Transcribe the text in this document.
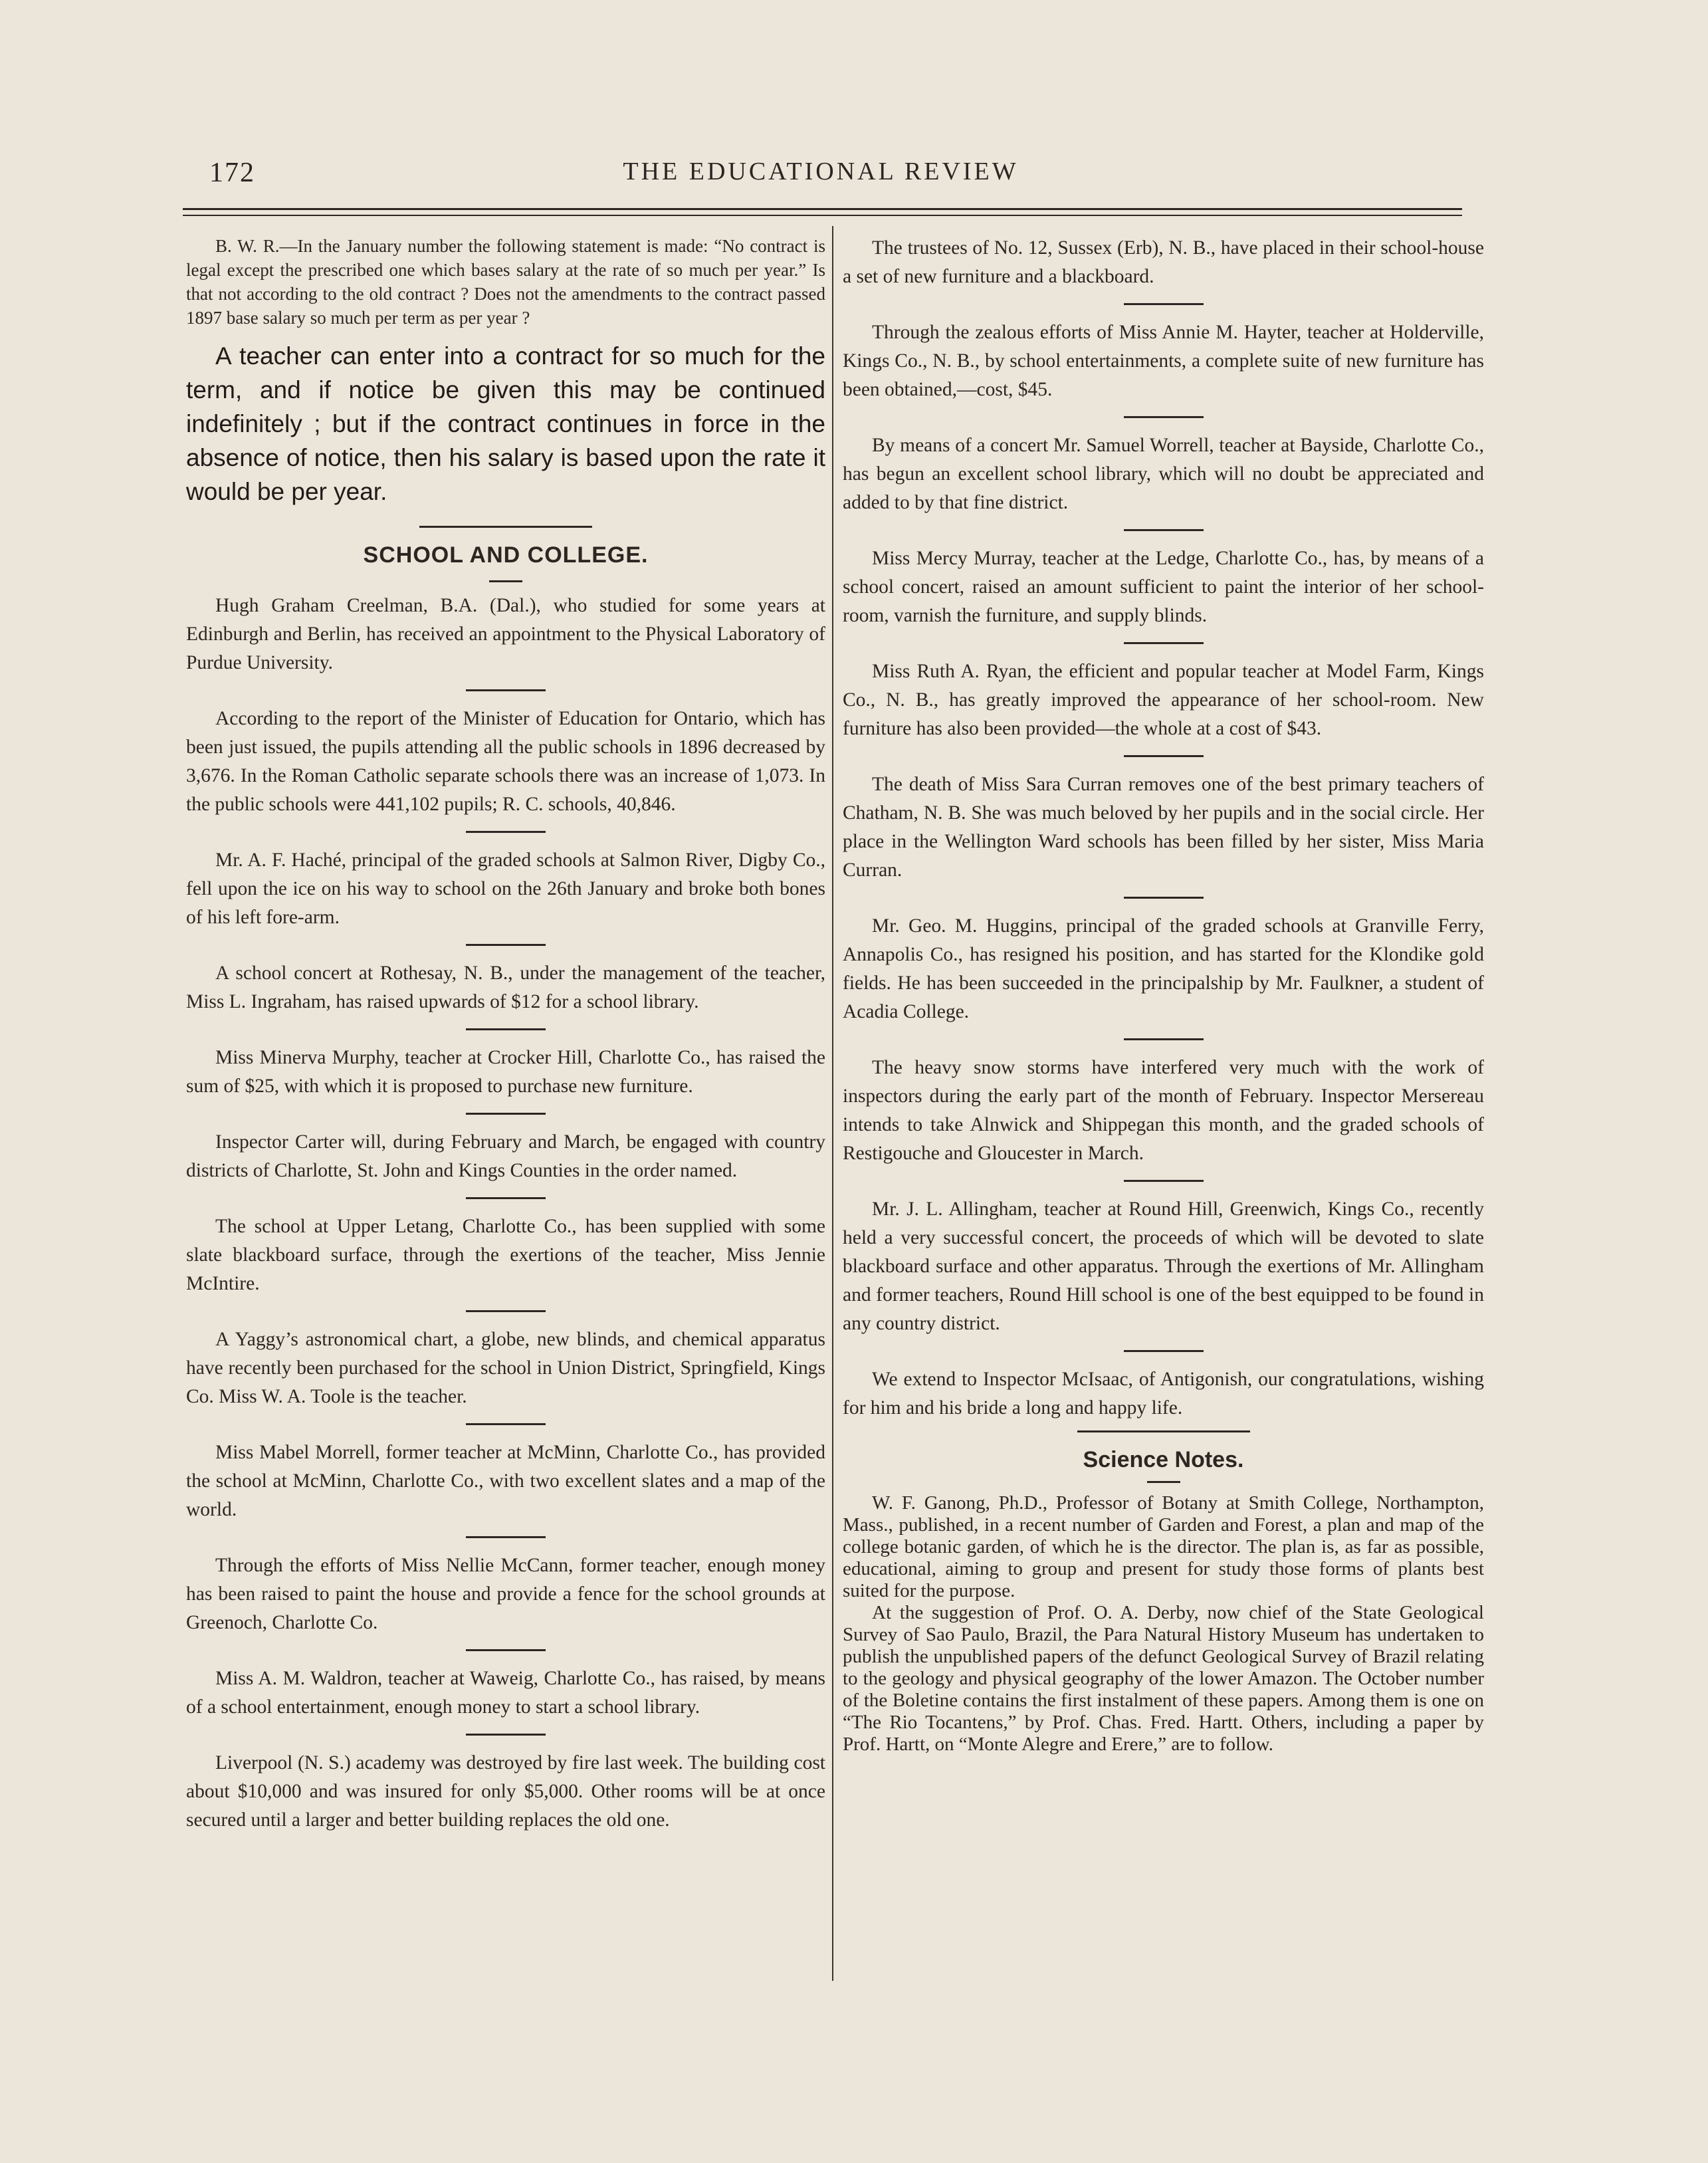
172	THE EDUCATIONAL REVIEW

B. W. R.—In the January number the following statement is made: “No contract is legal except the prescribed one which bases salary at the rate of so much per year.” Is that not according to the old contract ? Does not the amendments to the contract passed 1897 base salary so much per term as per year ?

A teacher can enter into a contract for so much for the term, and if notice be given this may be continued indefinitely ; but if the contract continues in force in the absence of notice, then his salary is based upon the rate it would be per year.

SCHOOL AND COLLEGE.

Hugh Graham Creelman, B.A. (Dal.), who studied for some years at Edinburgh and Berlin, has received an appointment to the Physical Laboratory of Purdue University.

According to the report of the Minister of Education for Ontario, which has been just issued, the pupils attending all the public schools in 1896 decreased by 3,676. In the Roman Catholic separate schools there was an increase of 1,073. In the public schools were 441,102 pupils; R. C. schools, 40,846.

Mr. A. F. Haché, principal of the graded schools at Salmon River, Digby Co., fell upon the ice on his way to school on the 26th January and broke both bones of his left fore-arm.

A school concert at Rothesay, N. B., under the management of the teacher, Miss L. Ingraham, has raised upwards of $12 for a school library.

Miss Minerva Murphy, teacher at Crocker Hill, Charlotte Co., has raised the sum of $25, with which it is proposed to purchase new furniture.

Inspector Carter will, during February and March, be engaged with country districts of Charlotte, St. John and Kings Counties in the order named.

The school at Upper Letang, Charlotte Co., has been supplied with some slate blackboard surface, through the exertions of the teacher, Miss Jennie McIntire.

A Yaggy’s astronomical chart, a globe, new blinds, and chemical apparatus have recently been purchased for the school in Union District, Springfield, Kings Co. Miss W. A. Toole is the teacher.

Miss Mabel Morrell, former teacher at McMinn, Charlotte Co., has provided the school at McMinn, Charlotte Co., with two excellent slates and a map of the world.

Through the efforts of Miss Nellie McCann, former teacher, enough money has been raised to paint the house and provide a fence for the school grounds at Greenoch, Charlotte Co.

Miss A. M. Waldron, teacher at Waweig, Charlotte Co., has raised, by means of a school entertainment, enough money to start a school library.

Liverpool (N. S.) academy was destroyed by fire last week. The building cost about $10,000 and was insured for only $5,000. Other rooms will be at once secured until a larger and better building replaces the old one.

The trustees of No. 12, Sussex (Erb), N. B., have placed in their school-house a set of new furniture and a blackboard.

Through the zealous efforts of Miss Annie M. Hayter, teacher at Holderville, Kings Co., N. B., by school entertainments, a complete suite of new furniture has been obtained,—cost, $45.

By means of a concert Mr. Samuel Worrell, teacher at Bayside, Charlotte Co., has begun an excellent school library, which will no doubt be appreciated and added to by that fine district.

Miss Mercy Murray, teacher at the Ledge, Charlotte Co., has, by means of a school concert, raised an amount sufficient to paint the interior of her school-room, varnish the furniture, and supply blinds.

Miss Ruth A. Ryan, the efficient and popular teacher at Model Farm, Kings Co., N. B., has greatly improved the appearance of her school-room. New furniture has also been provided—the whole at a cost of $43.

The death of Miss Sara Curran removes one of the best primary teachers of Chatham, N. B. She was much beloved by her pupils and in the social circle. Her place in the Wellington Ward schools has been filled by her sister, Miss Maria Curran.

Mr. Geo. M. Huggins, principal of the graded schools at Granville Ferry, Annapolis Co., has resigned his position, and has started for the Klondike gold fields. He has been succeeded in the principalship by Mr. Faulkner, a student of Acadia College.

The heavy snow storms have interfered very much with the work of inspectors during the early part of the month of February. Inspector Mersereau intends to take Alnwick and Shippegan this month, and the graded schools of Restigouche and Gloucester in March.

Mr. J. L. Allingham, teacher at Round Hill, Greenwich, Kings Co., recently held a very successful concert, the proceeds of which will be devoted to slate blackboard surface and other apparatus. Through the exertions of Mr. Allingham and former teachers, Round Hill school is one of the best equipped to be found in any country district.

We extend to Inspector McIsaac, of Antigonish, our congratulations, wishing for him and his bride a long and happy life.

Science Notes.

W. F. Ganong, Ph.D., Professor of Botany at Smith College, Northampton, Mass., published, in a recent number of Garden and Forest, a plan and map of the college botanic garden, of which he is the director. The plan is, as far as possible, educational, aiming to group and present for study those forms of plants best suited for the purpose.

At the suggestion of Prof. O. A. Derby, now chief of the State Geological Survey of Sao Paulo, Brazil, the Para Natural History Museum has undertaken to publish the unpublished papers of the defunct Geological Survey of Brazil relating to the geology and physical geography of the lower Amazon. The October number of the Boletine contains the first instalment of these papers. Among them is one on “The Rio Tocantens,” by Prof. Chas. Fred. Hartt. Others, including a paper by Prof. Hartt, on “Monte Alegre and Erere,” are to follow.
